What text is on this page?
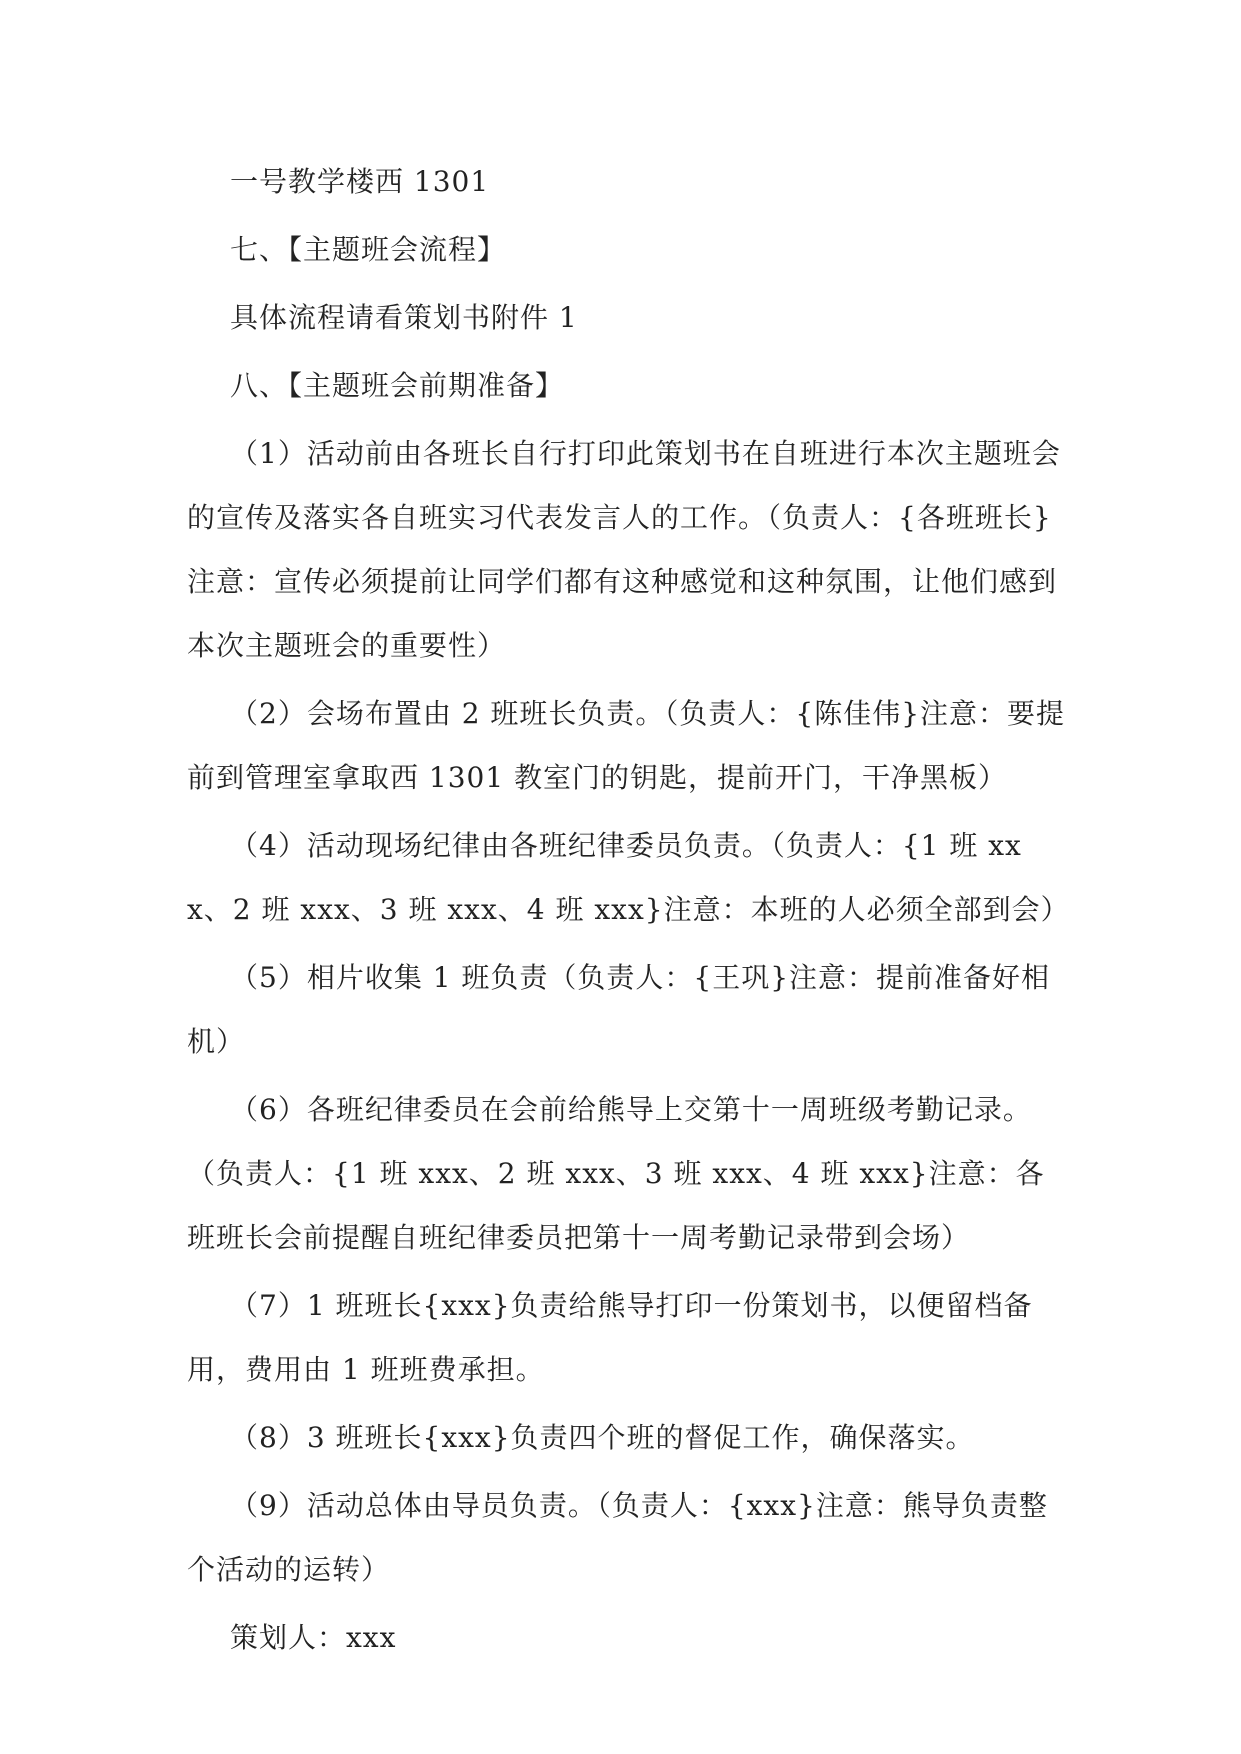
一号教学楼西 1301

七、【主题班会流程】

具体流程请看策划书附件 1

八、【主题班会前期准备】

（1）活动前由各班长自行打印此策划书在自班进行本次主题班会的宣传及落实各自班实习代表发言人的工作。（负责人：{各班班长} 注意：宣传必须提前让同学们都有这种感觉和这种氛围，让他们感到本次主题班会的重要性）

（2）会场布置由 2 班班长负责。（负责人：{陈佳伟}注意：要提前到管理室拿取西 1301 教室门的钥匙，提前开门，干净黑板）

（4）活动现场纪律由各班纪律委员负责。（负责人：{1 班 xxx、2 班 xxx、3 班 xxx、4 班 xxx}注意：本班的人必须全部到会）

（5）相片收集 1 班负责（负责人：{王巩}注意：提前准备好相机）

（6）各班纪律委员在会前给熊导上交第十一周班级考勤记录。（负责人：{1 班 xxx、2 班 xxx、3 班 xxx、4 班 xxx}注意：各班班长会前提醒自班纪律委员把第十一周考勤记录带到会场）

（7）1 班班长{xxx}负责给熊导打印一份策划书，以便留档备用，费用由 1 班班费承担。

（8）3 班班长{xxx}负责四个班的督促工作，确保落实。

（9）活动总体由导员负责。（负责人：{xxx}注意：熊导负责整个活动的运转）

策划人：xxx
